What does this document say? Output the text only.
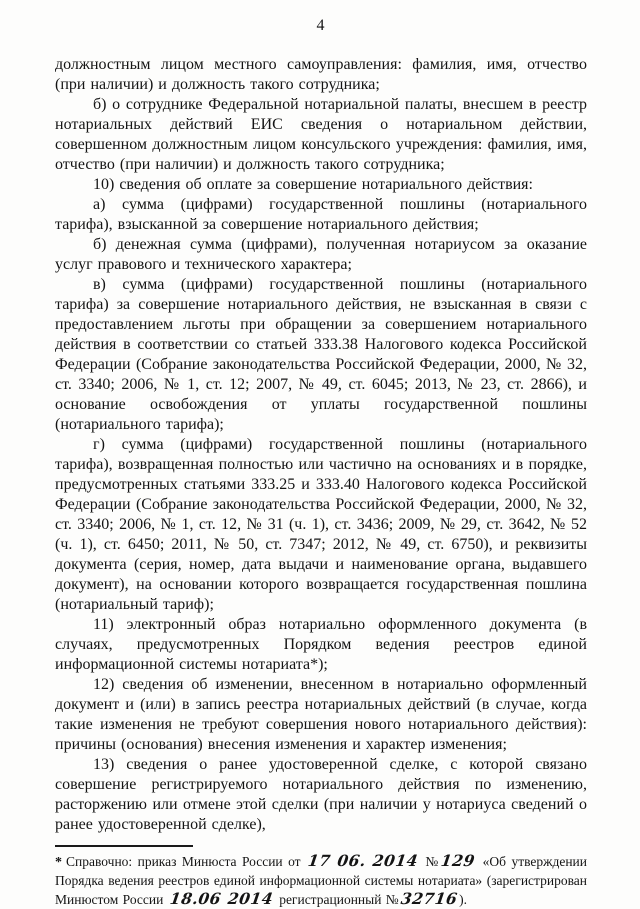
4

должностным лицом местного самоуправления: фамилия, имя, отчество (при наличии) и должность такого сотрудника;

б) о сотруднике Федеральной нотариальной палаты, внесшем в реестр нотариальных действий ЕИС сведения о нотариальном действии, совершенном должностным лицом консульского учреждения: фамилия, имя, отчество (при наличии) и должность такого сотрудника;

10) сведения об оплате за совершение нотариального действия:

а) сумма (цифрами) государственной пошлины (нотариального тарифа), взысканной за совершение нотариального действия;

б) денежная сумма (цифрами), полученная нотариусом за оказание услуг правового и технического характера;

в) сумма (цифрами) государственной пошлины (нотариального тарифа) за совершение нотариального действия, не взысканная в связи с предоставлением льготы при обращении за совершением нотариального действия в соответствии со статьей 333.38 Налогового кодекса Российской Федерации (Собрание законодательства Российской Федерации, 2000, № 32, ст. 3340; 2006, № 1, ст. 12; 2007, № 49, ст. 6045; 2013, № 23, ст. 2866), и основание освобождения от уплаты государственной пошлины (нотариального тарифа);

г) сумма (цифрами) государственной пошлины (нотариального тарифа), возвращенная полностью или частично на основаниях и в порядке, предусмотренных статьями 333.25 и 333.40 Налогового кодекса Российской Федерации (Собрание законодательства Российской Федерации, 2000, № 32, ст. 3340; 2006, № 1, ст. 12, № 31 (ч. 1), ст. 3436; 2009, № 29, ст. 3642, № 52 (ч. 1), ст. 6450; 2011, № 50, ст. 7347; 2012, № 49, ст. 6750), и реквизиты документа (серия, номер, дата выдачи и наименование органа, выдавшего документ), на основании которого возвращается государственная пошлина (нотариальный тариф);

11) электронный образ нотариально оформленного документа (в случаях, предусмотренных Порядком ведения реестров единой информационной системы нотариата*);

12) сведения об изменении, внесенном в нотариально оформленный документ и (или) в запись реестра нотариальных действий (в случае, когда такие изменения не требуют совершения нового нотариального действия): причины (основания) внесения изменения и характер изменения;

13) сведения о ранее удостоверенной сделке, с которой связано совершение регистрируемого нотариального действия по изменению, расторжению или отмене этой сделки (при наличии у нотариуса сведений о ранее удостоверенной сделке),

* Справочно: приказ Минюста России от 17 06. 2014 №129 «Об утверждении Порядка ведения реестров единой информационной системы нотариата» (зарегистрирован Минюстом России 18.06 2014 регистрационный №32716).
